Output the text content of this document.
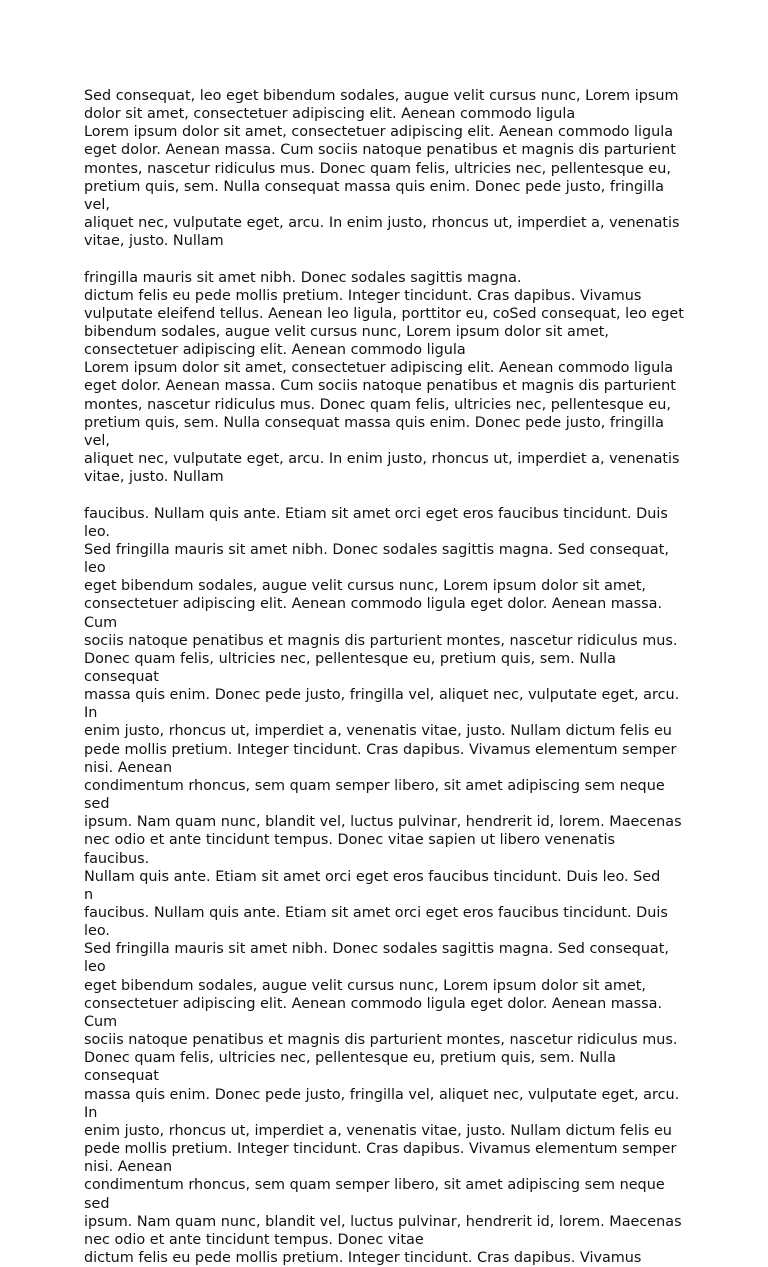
Sed consequat, leo eget bibendum sodales, augue velit cursus nunc, Lorem ipsum
dolor sit amet, consectetuer adipiscing elit. Aenean commodo ligula
Lorem ipsum dolor sit amet, consectetuer adipiscing elit. Aenean commodo ligula
eget dolor. Aenean massa. Cum sociis natoque penatibus et magnis dis parturient
montes, nascetur ridiculus mus. Donec quam felis, ultricies nec, pellentesque eu,
pretium quis, sem. Nulla consequat massa quis enim. Donec pede justo, fringilla vel,
aliquet nec, vulputate eget, arcu. In enim justo, rhoncus ut, imperdiet a, venenatis
vitae, justo. Nullam

fringilla mauris sit amet nibh. Donec sodales sagittis magna.
dictum felis eu pede mollis pretium. Integer tincidunt. Cras dapibus. Vivamus
vulputate eleifend tellus. Aenean leo ligula, porttitor eu, coSed consequat, leo eget
bibendum sodales, augue velit cursus nunc, Lorem ipsum dolor sit amet,
consectetuer adipiscing elit. Aenean commodo ligula
Lorem ipsum dolor sit amet, consectetuer adipiscing elit. Aenean commodo ligula
eget dolor. Aenean massa. Cum sociis natoque penatibus et magnis dis parturient
montes, nascetur ridiculus mus. Donec quam felis, ultricies nec, pellentesque eu,
pretium quis, sem. Nulla consequat massa quis enim. Donec pede justo, fringilla vel,
aliquet nec, vulputate eget, arcu. In enim justo, rhoncus ut, imperdiet a, venenatis
vitae, justo. Nullam

faucibus. Nullam quis ante. Etiam sit amet orci eget eros faucibus tincidunt. Duis leo.
Sed fringilla mauris sit amet nibh. Donec sodales sagittis magna. Sed consequat, leo
eget bibendum sodales, augue velit cursus nunc, Lorem ipsum dolor sit amet,
consectetuer adipiscing elit. Aenean commodo ligula eget dolor. Aenean massa. Cum
sociis natoque penatibus et magnis dis parturient montes, nascetur ridiculus mus.
Donec quam felis, ultricies nec, pellentesque eu, pretium quis, sem. Nulla consequat
massa quis enim. Donec pede justo, fringilla vel, aliquet nec, vulputate eget, arcu. In
enim justo, rhoncus ut, imperdiet a, venenatis vitae, justo. Nullam dictum felis eu
pede mollis pretium. Integer tincidunt. Cras dapibus. Vivamus elementum semper
nisi. Aenean
condimentum rhoncus, sem quam semper libero, sit amet adipiscing sem neque sed
ipsum. Nam quam nunc, blandit vel, luctus pulvinar, hendrerit id, lorem. Maecenas
nec odio et ante tincidunt tempus. Donec vitae sapien ut libero venenatis faucibus.
Nullam quis ante. Etiam sit amet orci eget eros faucibus tincidunt. Duis leo. Sed
n
faucibus. Nullam quis ante. Etiam sit amet orci eget eros faucibus tincidunt. Duis leo.
Sed fringilla mauris sit amet nibh. Donec sodales sagittis magna. Sed consequat, leo
eget bibendum sodales, augue velit cursus nunc, Lorem ipsum dolor sit amet,
consectetuer adipiscing elit. Aenean commodo ligula eget dolor. Aenean massa. Cum
sociis natoque penatibus et magnis dis parturient montes, nascetur ridiculus mus.
Donec quam felis, ultricies nec, pellentesque eu, pretium quis, sem. Nulla consequat
massa quis enim. Donec pede justo, fringilla vel, aliquet nec, vulputate eget, arcu. In
enim justo, rhoncus ut, imperdiet a, venenatis vitae, justo. Nullam dictum felis eu
pede mollis pretium. Integer tincidunt. Cras dapibus. Vivamus elementum semper
nisi. Aenean
condimentum rhoncus, sem quam semper libero, sit amet adipiscing sem neque sed
ipsum. Nam quam nunc, blandit vel, luctus pulvinar, hendrerit id, lorem. Maecenas
nec odio et ante tincidunt tempus. Donec vitae
dictum felis eu pede mollis pretium. Integer tincidunt. Cras dapibus. Vivamus
